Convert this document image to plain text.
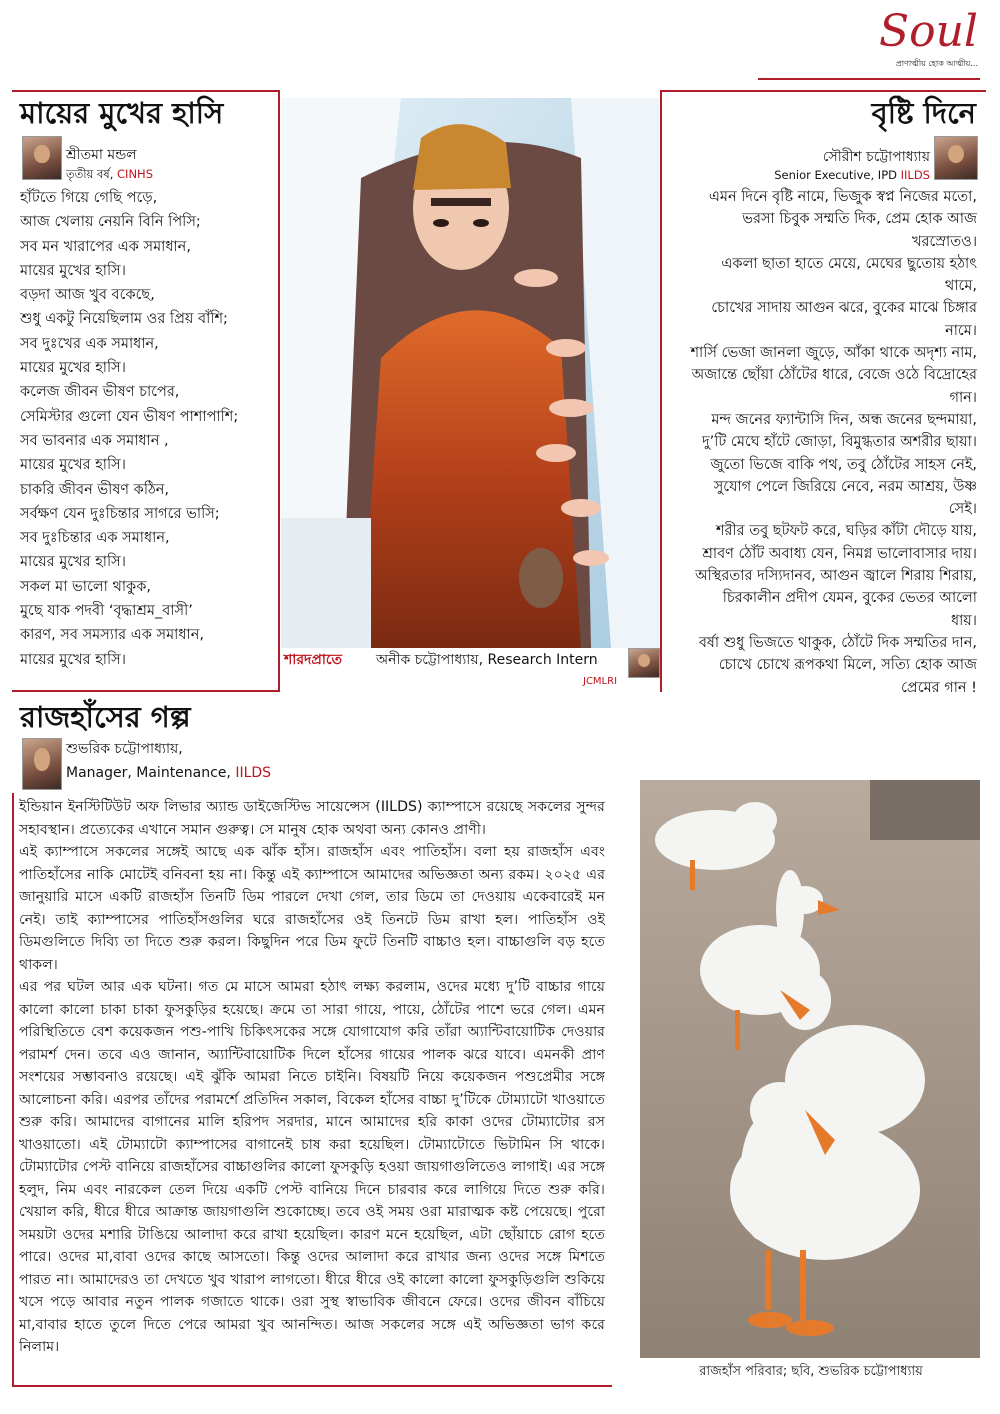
Soul
প্রাণাত্মীয় হোক আত্মীয়...
মায়ের মুখের হাসি
শ্রীতমা মন্ডল
তৃতীয় বর্ষ, CINHS
হাঁটতে গিয়ে গেছি পড়ে,
আজ খেলায় নেয়নি বিনি পিসি;
সব মন খারাপের এক সমাধান,
মায়ের মুখের হাসি।
বড়দা আজ খুব বকেছে,
শুধু একটু নিয়েছিলাম ওর প্রিয় বাঁশি;
সব দুঃখের এক সমাধান,
মায়ের মুখের হাসি।
কলেজ জীবন ভীষণ চাপের,
সেমিস্টার গুলো যেন ভীষণ পাশাপাশি;
সব ভাবনার এক সমাধান ,
মায়ের মুখের হাসি।
চাকরি জীবন ভীষণ কঠিন,
সর্বক্ষণ যেন দুঃচিন্তার সাগরে ভাসি;
সব দুঃচিন্তার এক সমাধান,
মায়ের মুখের হাসি।
সকল মা ভালো থাকুক,
মুছে যাক পদবী ‘বৃদ্ধাশ্রম_বাসী’
কারণ, সব সমস্যার এক সমাধান,
মায়ের মুখের হাসি।	শারদপ্রাতে অনীক চট্টোপাধ্যায়, Research Intern
JCMLRI
বৃষ্টি দিনে
সৌরীশ চট্টোপাধ্যায়
Senior Executive, IPD IILDS
এমন দিনে বৃষ্টি নামে, ভিজুক স্বপ্ন নিজের মতো,
ভরসা চিবুক সম্মতি দিক, প্রেম হোক আজ
খরস্রোতও।
একলা ছাতা হাতে মেয়ে, মেঘের ছুতোয় হঠাৎ
থামে,
চোখের সাদায় আগুন ঝরে, বুকের মাঝে চিঙ্গার
নামে।
শার্সি ভেজা জানলা জুড়ে, আঁকা থাকে অদৃশ্য নাম,
অজান্তে ছোঁয়া ঠোঁটের ধারে, বেজে ওঠে বিদ্রোহের
গান।
মন্দ জনের ফ্যান্টাসি দিন, অন্ধ জনের ছন্দমায়া,
দু’টি মেঘে হাঁটে জোড়া, বিমুগ্ধতার অশরীর ছায়া।
জুতো ভিজে বাকি পথ, তবু ঠোঁটের সাহস নেই,
সুযোগ পেলে জিরিয়ে নেবে, নরম আশ্রয়, উষ্ণ
সেই।
শরীর তবু ছটফট করে, ঘড়ির কাঁটা দৌড়ে যায়,
শ্রাবণ ঠোঁট অবাধ্য যেন, নিমগ্ন ভালোবাসার দায়।
অস্থিরতার দস্যিদানব, আগুন জ্বালে শিরায় শিরায়,
চিরকালীন প্রদীপ যেমন, বুকের ভেতর আলো
ধায়।
বর্ষা শুধু ভিজতে থাকুক, ঠোঁটে দিক সম্মতির দান,
চোখে চোখে রূপকথা মিলে, সত্যি হোক আজ
প্রেমের গান !
রাজহাঁসের গল্প
শুভরিক চট্টোপাধ্যায়,
Manager, Maintenance, IILDS
ইন্ডিয়ান ইনস্টিটিউট অফ লিভার অ্যান্ড ডাইজেস্টিভ সায়েন্সেস (IILDS) ক্যাম্পাসে রয়েছে সকলের সুন্দর সহাবস্থান। প্রত্যেকের এখানে সমান গুরুত্ব। সে মানুষ হোক অথবা অন্য কোনও প্রাণী।
এই ক্যাম্পাসে সকলের সঙ্গেই আছে এক ঝাঁক হাঁস। রাজহাঁস এবং পাতিহাঁস। বলা হয় রাজহাঁস এবং পাতিহাঁসের নাকি মোটেই বনিবনা হয় না। কিন্তু এই ক্যাম্পাসে আমাদের অভিজ্ঞতা অন্য রকম। ২০২৫ এর জানুয়ারি মাসে একটি রাজহাঁস তিনটি ডিম পারলে দেখা গেল, তার ডিমে তা দেওয়ায় একেবারেই মন নেই। তাই ক্যাম্পাসের পাতিহাঁসগুলির ঘরে রাজহাঁসের ওই তিনটে ডিম রাখা হল। পাতিহাঁস ওই ডিমগুলিতে দিব্যি তা দিতে শুরু করল। কিছুদিন পরে ডিম ফুটে তিনটি বাচ্চাও হল। বাচ্চাগুলি বড় হতে থাকল।
এর পর ঘটল আর এক ঘটনা। গত মে মাসে আমরা হঠাৎ লক্ষ্য করলাম, ওদের মধ্যে দু’টি বাচ্চার গায়ে কালো কালো চাকা চাকা ফুসকুড়ির হয়েছে। ক্রমে তা সারা গায়ে, পায়ে, ঠোঁটের পাশে ভরে গেল। এমন পরিস্থিতিতে বেশ কয়েকজন পশু-পাখি চিকিৎসকের সঙ্গে যোগাযোগ করি তাঁরা অ্যান্টিবায়োটিক দেওয়ার পরামর্শ দেন। তবে এও জানান, অ্যান্টিবায়োটিক দিলে হাঁসের গায়ের পালক ঝরে যাবে। এমনকী প্রাণ সংশয়ের সম্ভাবনাও রয়েছে। এই ঝুঁকি আমরা নিতে চাইনি। বিষয়টি নিয়ে কয়েকজন পশুপ্রেমীর সঙ্গে আলোচনা করি। এরপর তাঁদের পরামর্শে প্রতিদিন সকাল, বিকেল হাঁসের বাচ্চা দু’টিকে টোম্যাটো খাওয়াতে শুরু করি। আমাদের বাগানের মালি হরিপদ সরদার, মানে আমাদের হরি কাকা ওদের টোম্যাটোর রস খাওয়াতো। এই টোম্যাটো ক্যাম্পাসের বাগানেই চাষ করা হয়েছিল। টোম্যাটোতে ভিটামিন সি থাকে। টোম্যাটোর পেস্ট বানিয়ে রাজহাঁসের বাচ্চাগুলির কালো ফুসকুড়ি হওয়া জায়গাগুলিতেও লাগাই। এর সঙ্গে হলুদ, নিম এবং নারকেল তেল দিয়ে একটি পেস্ট বানিয়ে দিনে চারবার করে লাগিয়ে দিতে শুরু করি। খেয়াল করি, ধীরে ধীরে আক্রান্ত জায়গাগুলি শুকোচ্ছে। তবে ওই সময় ওরা মারাত্মক কষ্ট পেয়েছে। পুরো সময়টা ওদের মশারি টাঙিয়ে আলাদা করে রাখা হয়েছিল। কারণ মনে হয়েছিল, এটা ছোঁয়াচে রোগ হতে পারে। ওদের মা,বাবা ওদের কাছে আসতো। কিন্তু ওদের আলাদা করে রাখার জন্য ওদের সঙ্গে মিশতে পারত না। আমাদেরও তা দেখতে খুব খারাপ লাগতো। ধীরে ধীরে ওই কালো কালো ফুসকুড়িগুলি শুকিয়ে খসে পড়ে আবার নতুন পালক গজাতে থাকে। ওরা সুস্থ স্বাভাবিক জীবনে ফেরে। ওদের জীবন বাঁচিয়ে মা,বাবার হাতে তুলে দিতে পেরে আমরা খুব আনন্দিত। আজ সকলের সঙ্গে এই অভিজ্ঞতা ভাগ করে নিলাম।
রাজহাঁস পরিবার; ছবি, শুভরিক চট্টোপাধ্যায়
